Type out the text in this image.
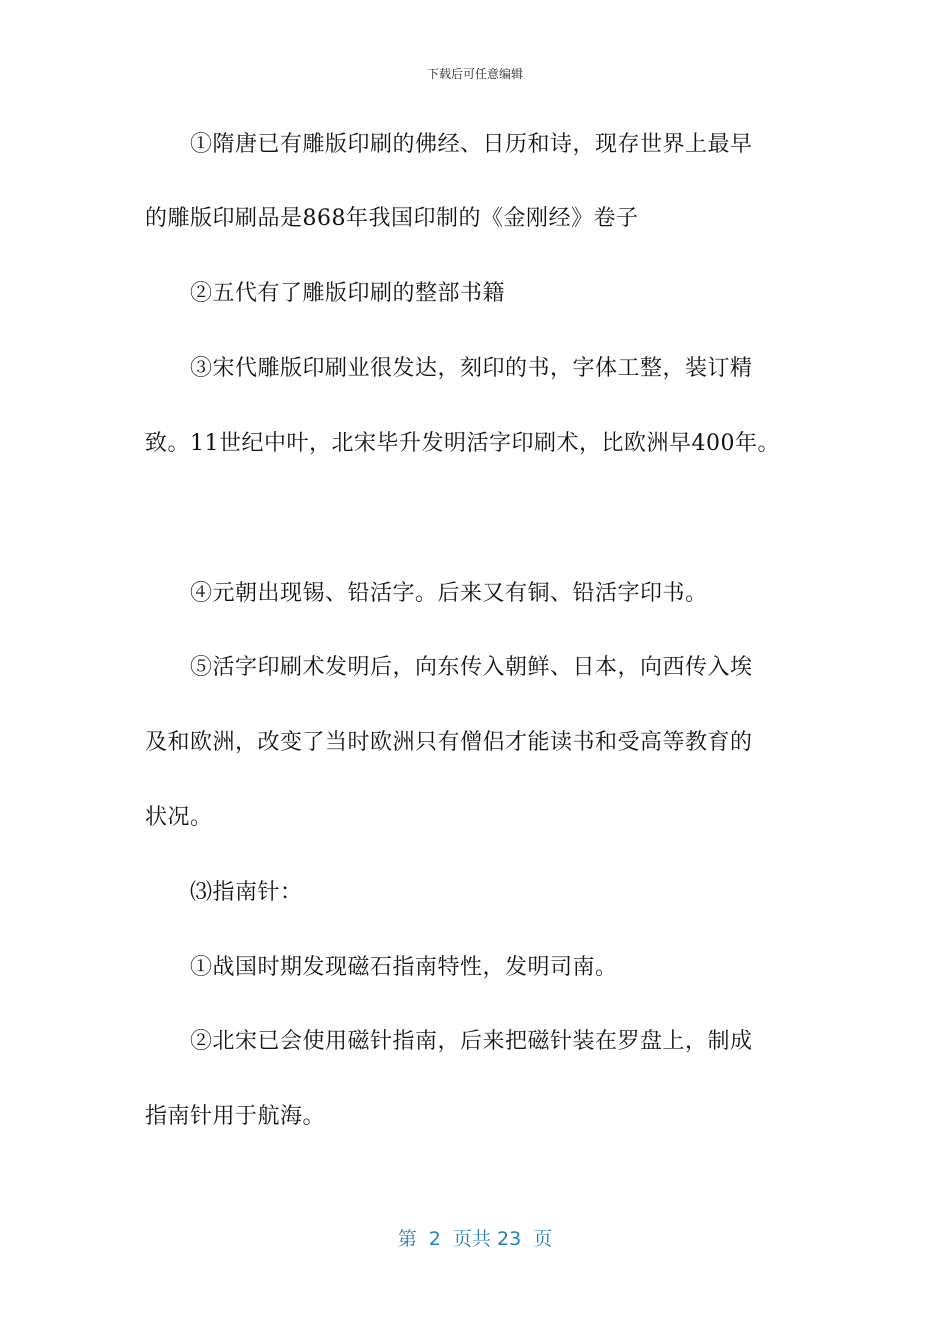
下载后可任意编辑
①隋唐已有雕版印刷的佛经、日历和诗，现存世界上最早
的雕版印刷品是868年我国印制的《金刚经》卷子
②五代有了雕版印刷的整部书籍
③宋代雕版印刷业很发达，刻印的书，字体工整，装订精
致。11世纪中叶，北宋毕升发明活字印刷术，比欧洲早400年。
④元朝出现锡、铅活字。后来又有铜、铅活字印书。
⑤活字印刷术发明后，向东传入朝鲜、日本，向西传入埃
及和欧洲，改变了当时欧洲只有僧侣才能读书和受高等教育的
状况。
⑶指南针：
①战国时期发现磁石指南特性，发明司南。
②北宋已会使用磁针指南，后来把磁针装在罗盘上，制成
指南针用于航海。
第  2  页共 23  页
